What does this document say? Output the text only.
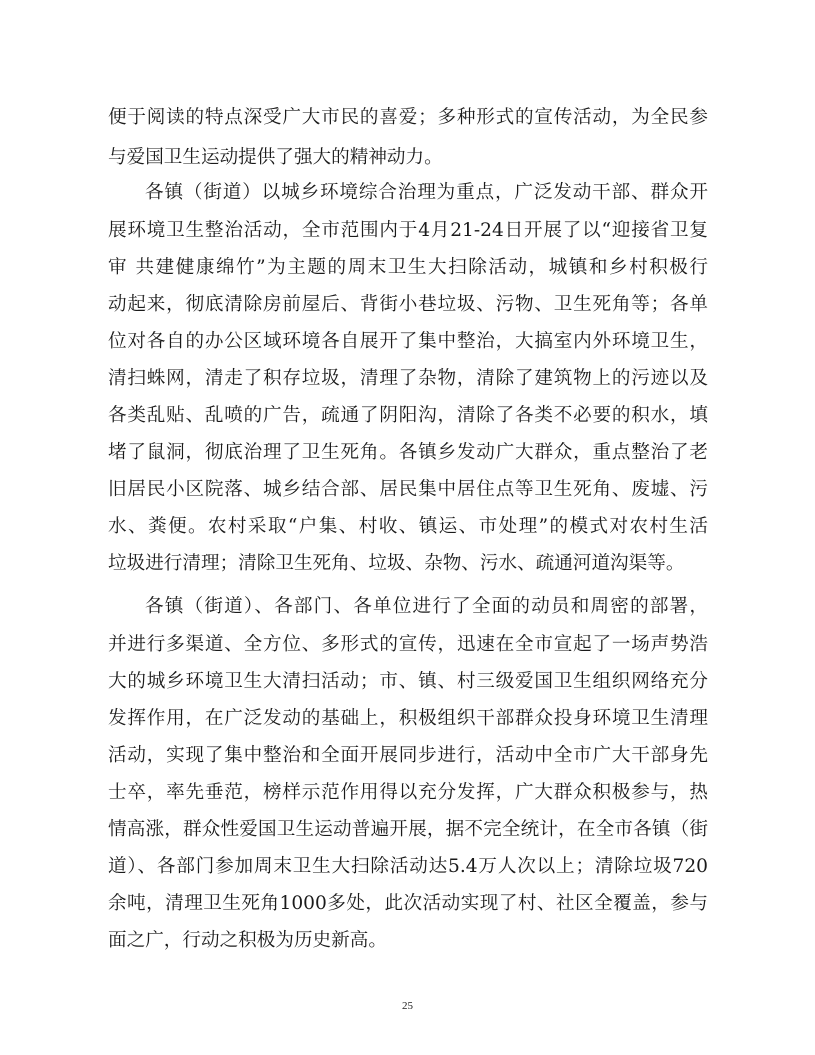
便于阅读的特点深受广大市民的喜爱；多种形式的宣传活动，为全民参
与爱国卫生运动提供了强大的精神动力。
各镇（街道）以城乡环境综合治理为重点，广泛发动干部、群众开
展环境卫生整治活动，全市范围内于4月21-24日开展了以“迎接省卫复
审 共建健康绵竹”为主题的周末卫生大扫除活动，城镇和乡村积极行
动起来，彻底清除房前屋后、背街小巷垃圾、污物、卫生死角等；各单
位对各自的办公区域环境各自展开了集中整治，大搞室内外环境卫生，
清扫蛛网，清走了积存垃圾，清理了杂物，清除了建筑物上的污迹以及
各类乱贴、乱喷的广告，疏通了阴阳沟，清除了各类不必要的积水，填
堵了鼠洞，彻底治理了卫生死角。各镇乡发动广大群众，重点整治了老
旧居民小区院落、城乡结合部、居民集中居住点等卫生死角、废墟、污
水、粪便。农村采取“户集、村收、镇运、市处理”的模式对农村生活
垃圾进行清理；清除卫生死角、垃圾、杂物、污水、疏通河道沟渠等。
各镇（街道）、各部门、各单位进行了全面的动员和周密的部署，
并进行多渠道、全方位、多形式的宣传，迅速在全市宣起了一场声势浩
大的城乡环境卫生大清扫活动；市、镇、村三级爱国卫生组织网络充分
发挥作用，在广泛发动的基础上，积极组织干部群众投身环境卫生清理
活动，实现了集中整治和全面开展同步进行，活动中全市广大干部身先
士卒，率先垂范，榜样示范作用得以充分发挥，广大群众积极参与，热
情高涨，群众性爱国卫生运动普遍开展，据不完全统计，在全市各镇（街
道）、各部门参加周末卫生大扫除活动达5.4万人次以上；清除垃圾720
余吨，清理卫生死角1000多处，此次活动实现了村、社区全覆盖，参与
面之广，行动之积极为历史新高。
25
